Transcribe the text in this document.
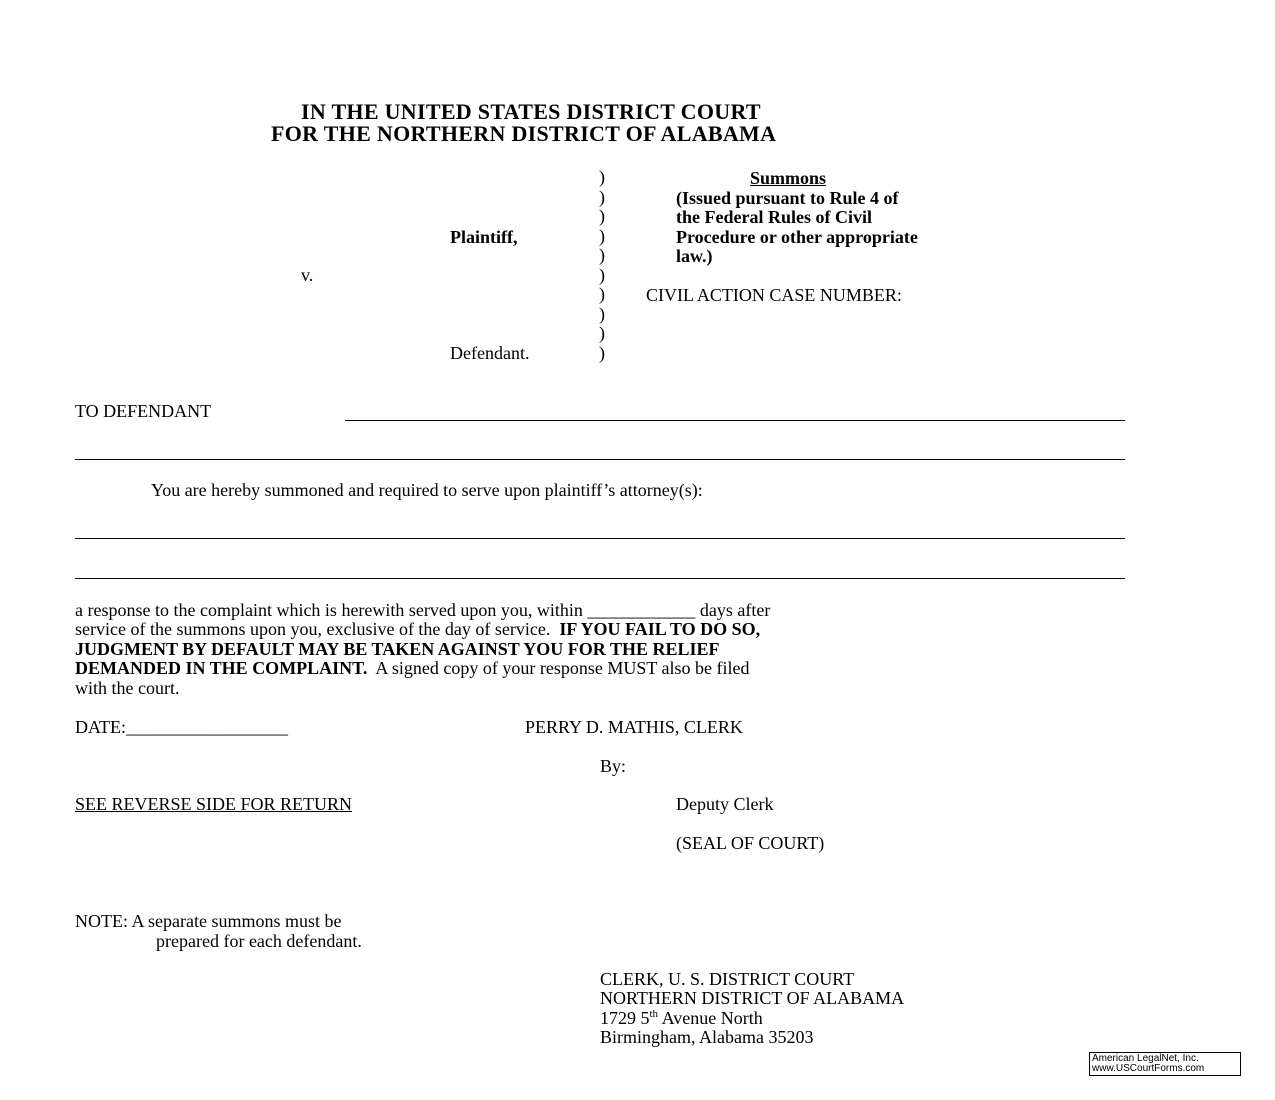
IN THE UNITED STATES DISTRICT COURT
FOR THE NORTHERN DISTRICT OF ALABAMA
)
)
)
)
)
)
)
)
)
)
Plaintiff,
v.
Defendant.
Summons
(Issued pursuant to Rule 4 of
the Federal Rules of Civil
Procedure or other appropriate
law.)
CIVIL ACTION CASE NUMBER:
TO DEFENDANT
You are hereby summoned and required to serve upon plaintiff’s attorney(s):
a response to the complaint which is herewith served upon you, within ____________ days after
service of the summons upon you, exclusive of the day of service. IF YOU FAIL TO DO SO,
JUDGMENT BY DEFAULT MAY BE TAKEN AGAINST YOU FOR THE RELIEF
DEMANDED IN THE COMPLAINT. A signed copy of your response MUST also be filed
with the court.
DATE:__________________	PERRY D. MATHIS, CLERK
By:
SEE REVERSE SIDE FOR RETURN	Deputy Clerk
(SEAL OF COURT)
NOTE: A separate summons must be
prepared for each defendant.
CLERK, U. S. DISTRICT COURT
NORTHERN DISTRICT OF ALABAMA
1729 5th Avenue North
Birmingham, Alabama 35203
American LegalNet, Inc.
www.USCourtForms.com
